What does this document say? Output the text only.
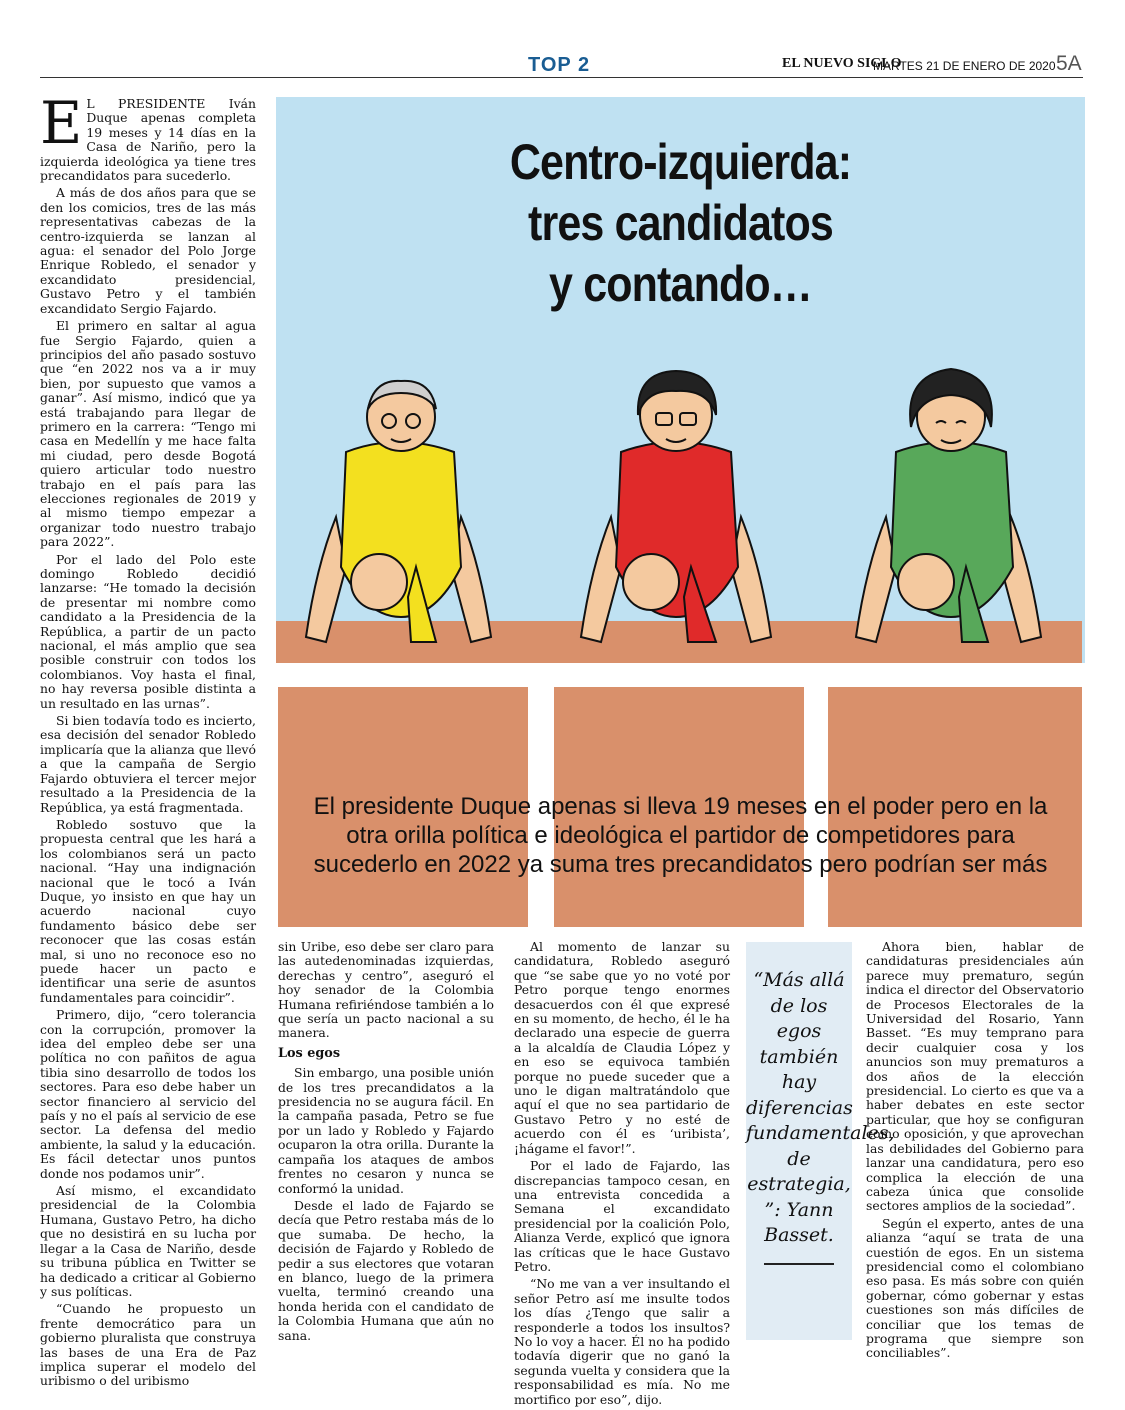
TOP 2	EL NUEVO SIGLO
MARTES 21 DE ENERO DE 2020 5A
Centro-izquierda:
tres candidatos
y contando…
El presidente Duque apenas si lleva 19 meses en el poder pero en la otra orilla política e ideológica el partidor de competidores para sucederlo en 2022 ya suma tres precandidatos pero podrían ser más

E L PRESIDENTE Iván Duque apenas completa 19 meses y 14 días en la Casa de Nariño, pero la izquierda ideológica ya tiene tres precandidatos para sucederlo.

A más de dos años para que se den los comicios, tres de las más representativas cabezas de la centro-izquierda se lanzan al agua: el senador del Polo Jorge Enrique Robledo, el senador y excandidato presidencial, Gustavo Petro y el también excandidato Sergio Fajardo.

El primero en saltar al agua fue Sergio Fajardo, quien a principios del año pasado sostuvo que “en 2022 nos va a ir muy bien, por supuesto que vamos a ganar”. Así mismo, indicó que ya está trabajando para llegar de primero en la carrera: “Tengo mi casa en Medellín y me hace falta mi ciudad, pero desde Bogotá quiero articular todo nuestro trabajo en el país para las elecciones regionales de 2019 y al mismo tiempo empezar a organizar todo nuestro trabajo para 2022”.

Por el lado del Polo este domingo Robledo decidió lanzarse: “He tomado la decisión de presentar mi nombre como candidato a la Presidencia de la República, a partir de un pacto nacional, el más amplio que sea posible construir con todos los colombianos. Voy hasta el final, no hay reversa posible distinta a un resultado en las urnas”.

Si bien todavía todo es incierto, esa decisión del senador Robledo implicaría que la alianza que llevó a que la campaña de Sergio Fajardo obtuviera el tercer mejor resultado a la Presidencia de la República, ya está fragmentada.

Robledo sostuvo que la propuesta central que les hará a los colombianos será un pacto nacional. “Hay una indignación nacional que le tocó a Iván Duque, yo insisto en que hay un acuerdo nacional cuyo fundamento básico debe ser reconocer que las cosas están mal, si uno no reconoce eso no puede hacer un pacto e identificar una serie de asuntos fundamentales para coincidir”.

Primero, dijo, “cero tolerancia con la corrupción, promover la idea del empleo debe ser una política no con pañitos de agua tibia sino desarrollo de todos los sectores. Para eso debe haber un sector financiero al servicio del país y no el país al servicio de ese sector. La defensa del medio ambiente, la salud y la educación. Es fácil detectar unos puntos donde nos podamos unir”.

Así mismo, el excandidato presidencial de la Colombia Humana, Gustavo Petro, ha dicho que no desistirá en su lucha por llegar a la Casa de Nariño, desde su tribuna pública en Twitter se ha dedicado a criticar al Gobierno y sus políticas.

“Cuando he propuesto un frente democrático para un gobierno pluralista que construya las bases de una Era de Paz implica superar el modelo del uribismo o del uribismo

sin Uribe, eso debe ser claro para las autedenominadas izquierdas, derechas y centro”, aseguró el hoy senador de la Colombia Humana refiriéndose también a lo que sería un pacto nacional a su manera.

Los egos

Sin embargo, una posible unión de los tres precandidatos a la presidencia no se augura fácil. En la campaña pasada, Petro se fue por un lado y Robledo y Fajardo ocuparon la otra orilla. Durante la campaña los ataques de ambos frentes no cesaron y nunca se conformó la unidad.

Desde el lado de Fajardo se decía que Petro restaba más de lo que sumaba. De hecho, la decisión de Fajardo y Robledo de pedir a sus electores que votaran en blanco, luego de la primera vuelta, terminó creando una honda herida con el candidato de la Colombia Humana que aún no sana.

Al momento de lanzar su candidatura, Robledo aseguró que “se sabe que yo no voté por Petro porque tengo enormes desacuerdos con él que expresé en su momento, de hecho, él le ha declarado una especie de guerra a la alcaldía de Claudia López y en eso se equivoca también porque no puede suceder que a uno le digan maltratándolo que aquí el que no sea partidario de Gustavo Petro y no esté de acuerdo con él es ‘uribista’, ¡hágame el favor!”.

Por el lado de Fajardo, las discrepancias tampoco cesan, en una entrevista concedida a Semana el excandidato presidencial por la coalición Polo, Alianza Verde, explicó que ignora las críticas que le hace Gustavo Petro.

“No me van a ver insultando el señor Petro así me insulte todos los días ¿Tengo que salir a responderle a todos los insultos? No lo voy a hacer. Él no ha podido todavía digerir que no ganó la segunda vuelta y considera que la responsabilidad es mía. No me mortifico por eso”, dijo.

“Más allá de los egos también hay diferencias fundamentales, de estrategia, ”: Yann Basset.

Ahora bien, hablar de candidaturas presidenciales aún parece muy prematuro, según indica el director del Observatorio de Procesos Electorales de la Universidad del Rosario, Yann Basset. “Es muy temprano para decir cualquier cosa y los anuncios son muy prematuros a dos años de la elección presidencial. Lo cierto es que va a haber debates en este sector particular, que hoy se configuran como oposición, y que aprovechan las debilidades del Gobierno para lanzar una candidatura, pero eso complica la elección de una cabeza única que consolide sectores amplios de la sociedad”.

Según el experto, antes de una alianza “aquí se trata de una cuestión de egos. En un sistema presidencial como el colombiano eso pasa. Es más sobre con quién gobernar, cómo gobernar y estas cuestiones son más difíciles de conciliar que los temas de programa que siempre son conciliables”.
